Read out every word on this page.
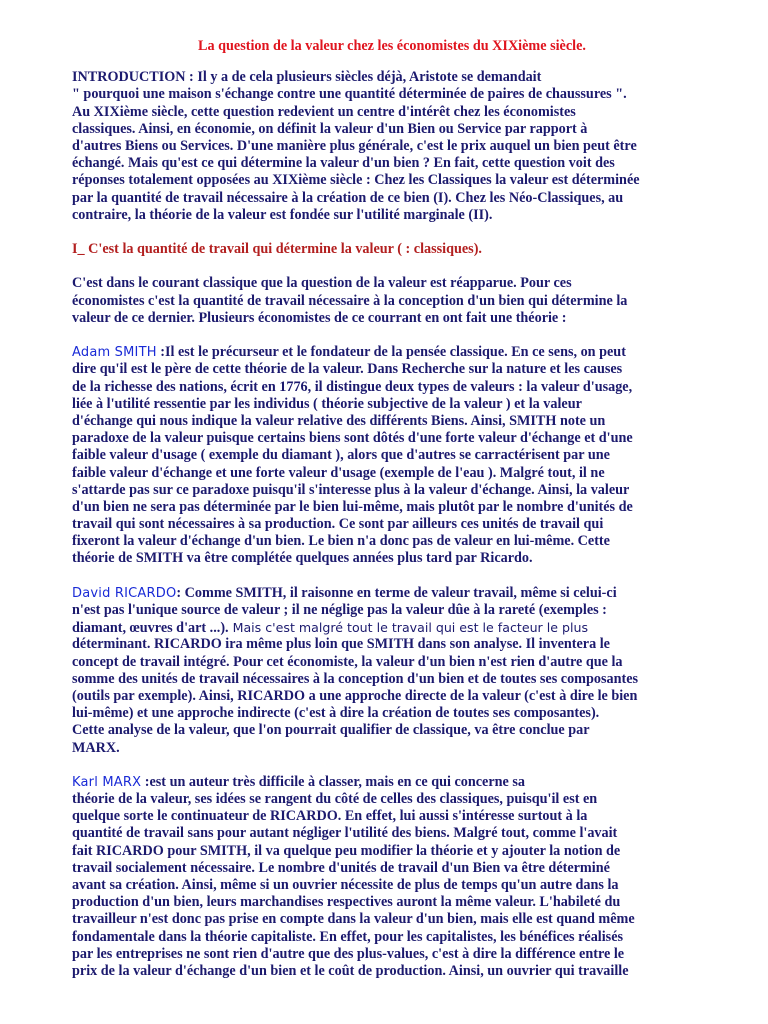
La question de la valeur chez les économistes du XIXième siècle.
INTRODUCTION : Il y a de cela plusieurs siècles déjà, Aristote se demandait
" pourquoi une maison s'échange contre une quantité déterminée de paires de chaussures ".
Au XIXième siècle, cette question redevient un centre d'intérêt chez les économistes
classiques. Ainsi, en économie, on définit la valeur d'un Bien ou Service par rapport à
d'autres Biens ou Services. D'une manière plus générale, c'est le prix auquel un bien peut être
échangé. Mais qu'est ce qui détermine la valeur d'un bien ? En fait, cette question voit des
réponses totalement opposées au XIXième siècle : Chez les Classiques la valeur est déterminée
par la quantité de travail nécessaire à la création de ce bien (I). Chez les Néo-Classiques, au
contraire, la théorie de la valeur est fondée sur l'utilité marginale (II).
I_ C'est la quantité de travail qui détermine la valeur ( : classiques).
C'est dans le courant classique que la question de la valeur est réapparue. Pour ces
économistes c'est la quantité de travail nécessaire à la conception d'un bien qui détermine la
valeur de ce dernier. Plusieurs économistes de ce courrant en ont fait une théorie :
Adam SMITH :Il est le précurseur et le fondateur de la pensée classique. En ce sens, on peut
dire qu'il est le père de cette théorie de la valeur. Dans Recherche sur la nature et les causes
de la richesse des nations, écrit en 1776, il distingue deux types de valeurs : la valeur d'usage,
liée à l'utilité ressentie par les individus ( théorie subjective de la valeur ) et la valeur
d'échange qui nous indique la valeur relative des différents Biens. Ainsi, SMITH note un
paradoxe de la valeur puisque certains biens sont dôtés d'une forte valeur d'échange et d'une
faible valeur d'usage ( exemple du diamant ), alors que d'autres se carractérisent par une
faible valeur d'échange et une forte valeur d'usage (exemple de l'eau ). Malgré tout, il ne
s'attarde pas sur ce paradoxe puisqu'il s'interesse plus à la valeur d'échange. Ainsi, la valeur
d'un bien ne sera pas déterminée par le bien lui-même, mais plutôt par le nombre d'unités de
travail qui sont nécessaires à sa production. Ce sont par ailleurs ces unités de travail qui
fixeront la valeur d'échange d'un bien. Le bien n'a donc pas de valeur en lui-même. Cette
théorie de SMITH va être complétée quelques années plus tard par Ricardo.
David RICARDO: Comme SMITH, il raisonne en terme de valeur travail, même si celui-ci
n'est pas l'unique source de valeur ; il ne néglige pas la valeur dûe à la rareté (exemples :
diamant, œuvres d'art ...). Mais c'est malgré tout le travail qui est le facteur le plus
déterminant. RICARDO ira même plus loin que SMITH dans son analyse. Il inventera le
concept de travail intégré. Pour cet économiste, la valeur d'un bien n'est rien d'autre que la
somme des unités de travail nécessaires à la conception d'un bien et de toutes ses composantes
(outils par exemple). Ainsi, RICARDO a une approche directe de la valeur (c'est à dire le bien
lui-même) et une approche indirecte (c'est à dire la création de toutes ses composantes).
Cette analyse de la valeur, que l'on pourrait qualifier de classique, va être conclue par
MARX.
Karl MARX :est un auteur très difficile à classer, mais en ce qui concerne sa
théorie de la valeur, ses idées se rangent du côté de celles des classiques, puisqu'il est en
quelque sorte le continuateur de RICARDO. En effet, lui aussi s'intéresse surtout à la
quantité de travail sans pour autant négliger l'utilité des biens. Malgré tout, comme l'avait
fait RICARDO pour SMITH, il va quelque peu modifier la théorie et y ajouter la notion de
travail socialement nécessaire. Le nombre d'unités de travail d'un Bien va être déterminé
avant sa création. Ainsi, même si un ouvrier nécessite de plus de temps qu'un autre dans la
production d'un bien, leurs marchandises respectives auront la même valeur. L'habileté du
travailleur n'est donc pas prise en compte dans la valeur d'un bien, mais elle est quand même
fondamentale dans la théorie capitaliste. En effet, pour les capitalistes, les bénéfices réalisés
par les entreprises ne sont rien d'autre que des plus-values, c'est à dire la différence entre le
prix de la valeur d'échange d'un bien et le coût de production. Ainsi, un ouvrier qui travaille
